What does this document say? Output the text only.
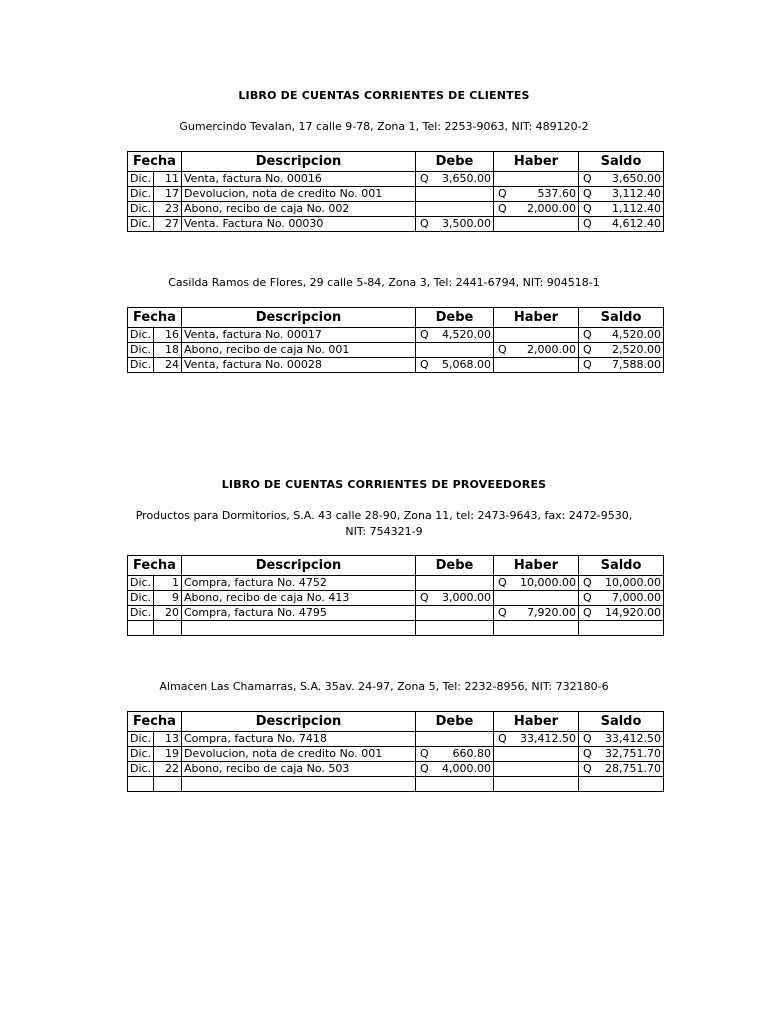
LIBRO DE CUENTAS CORRIENTES DE CLIENTES
Gumercindo Tevalan, 17 calle 9-78, Zona 1, Tel: 2253-9063, NIT: 489120-2
Fecha		Descripcion	Debe	Haber	Saldo
Dic.	11	Venta, factura No. 00016	Q 3,650.00		Q 3,650.00
Dic.	17	Devolucion, nota de credito No. 001		Q 537.60	Q 3,112.40
Dic.	23	Abono, recibo de caja No. 002		Q 2,000.00	Q 1,112.40
Dic.	27	Venta. Factura No. 00030	Q 3,500.00		Q 4,612.40
Casilda Ramos de Flores, 29 calle 5-84, Zona 3, Tel: 2441-6794, NIT: 904518-1
Fecha		Descripcion	Debe	Haber	Saldo
Dic.	16	Venta, factura No. 00017	Q 4,520.00		Q 4,520.00
Dic.	18	Abono, recibo de caja No. 001		Q 2,000.00	Q 2,520.00
Dic.	24	Venta, factura No. 00028	Q 5,068.00		Q 7,588.00
LIBRO DE CUENTAS CORRIENTES DE PROVEEDORES
Productos para Dormitorios, S.A. 43 calle 28-90, Zona 11, tel: 2473-9643, fax: 2472-9530,
NIT: 754321-9
Fecha		Descripcion	Debe	Haber	Saldo
Dic.	1	Compra, factura No. 4752		Q 10,000.00	Q 10,000.00
Dic.	9	Abono, recibo de caja No. 413	Q 3,000.00		Q 7,000.00
Dic.	20	Compra, factura No. 4795		Q 7,920.00	Q 14,920.00

Almacen Las Chamarras, S.A. 35av. 24-97, Zona 5, Tel: 2232-8956, NIT: 732180-6
Fecha		Descripcion	Debe	Haber	Saldo
Dic.	13	Compra, factura No. 7418		Q 33,412.50	Q 33,412.50
Dic.	19	Devolucion, nota de credito No. 001	Q 660.80		Q 32,751.70
Dic.	22	Abono, recibo de caja No. 503	Q 4,000.00		Q 28,751.70
